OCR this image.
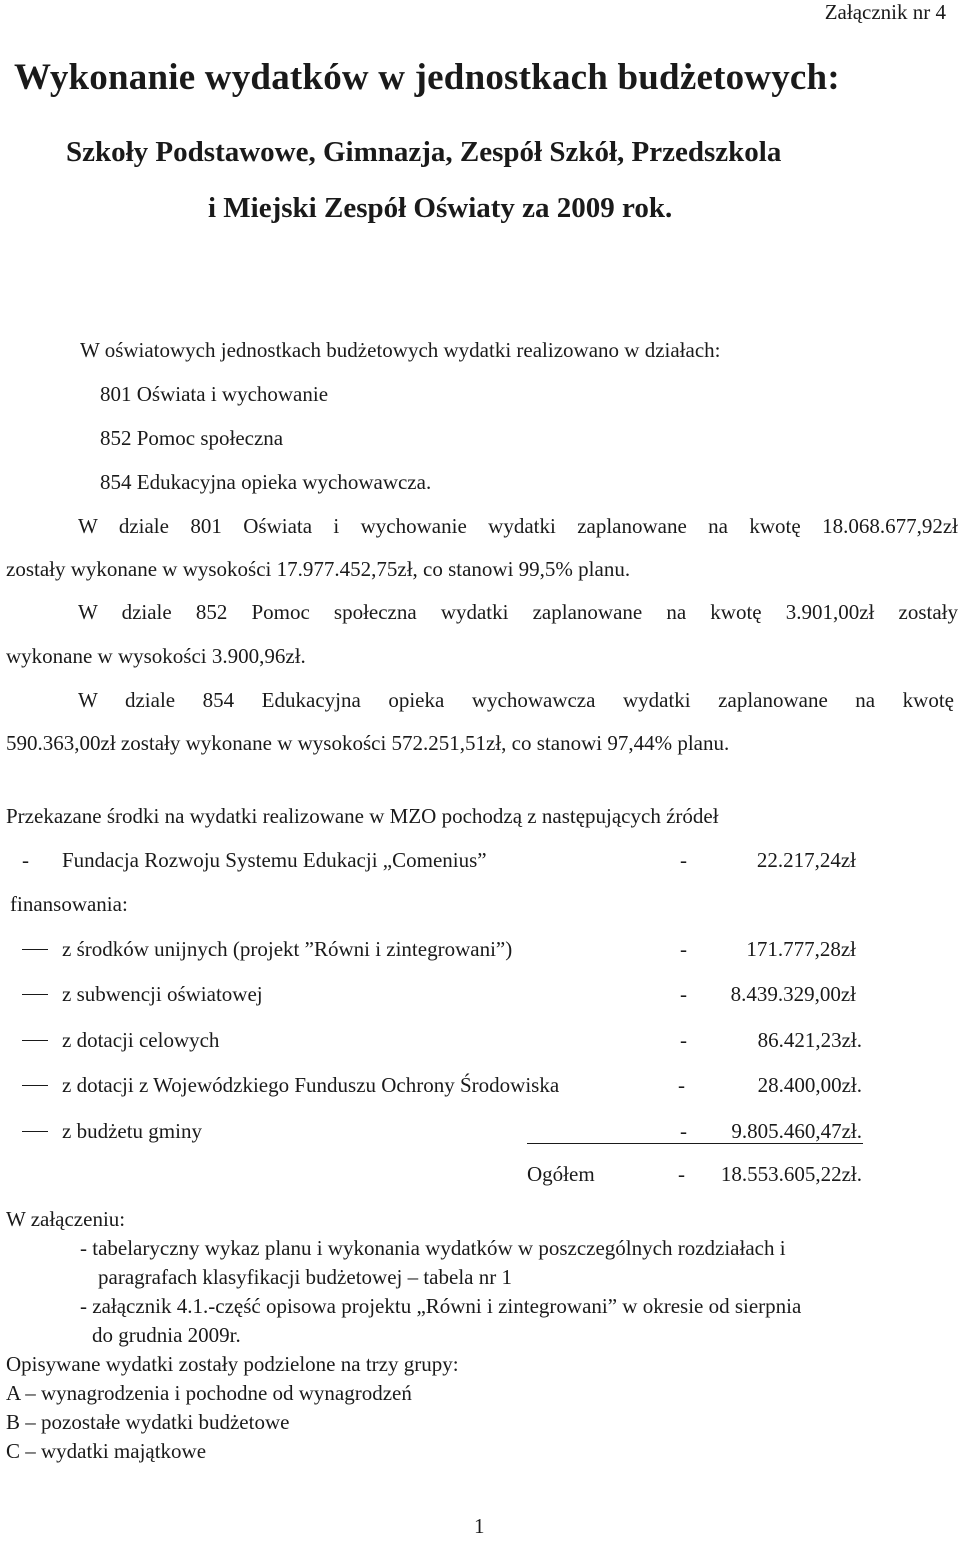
Załącznik nr 4
Wykonanie wydatków w jednostkach budżetowych:
Szkoły Podstawowe, Gimnazja, Zespół Szkół, Przedszkola
i Miejski Zespół Oświaty za 2009 rok.
W oświatowych jednostkach budżetowych wydatki realizowano w działach:
801 Oświata i wychowanie
852 Pomoc społeczna
854 Edukacyjna opieka wychowawcza.
W dziale 801 Oświata i wychowanie wydatki zaplanowane na kwotę 18.068.677,92zł
zostały wykonane w wysokości 17.977.452,75zł, co stanowi 99,5% planu.
W dziale 852 Pomoc społeczna wydatki zaplanowane na kwotę 3.901,00zł zostały
wykonane w wysokości 3.900,96zł.
W dziale 854 Edukacyjna opieka wychowawcza wydatki zaplanowane na kwotę
590.363,00zł zostały wykonane w wysokości 572.251,51zł, co stanowi 97,44% planu.
Przekazane środki na wydatki realizowane w MZO pochodzą z następujących źródeł
- Fundacja Rozwoju Systemu Edukacji „Comenius”	-	22.217,24zł
finansowania:
z środków unijnych (projekt ”Równi i zintegrowani”)	-	171.777,28zł
z subwencji oświatowej	-	8.439.329,00zł
z dotacji celowych	-	86.421,23zł.
z dotacji z Wojewódzkiego Funduszu Ochrony Środowiska	-	28.400,00zł.
z budżetu gminy	-	9.805.460,47zł.
Ogółem	-	18.553.605,22zł.
W załączeniu:
- tabelaryczny wykaz planu i wykonania wydatków w poszczególnych rozdziałach i
paragrafach klasyfikacji budżetowej – tabela nr 1
- załącznik 4.1.-część opisowa projektu „Równi i zintegrowani” w okresie od sierpnia
do grudnia 2009r.
Opisywane wydatki zostały podzielone na trzy grupy:
A – wynagrodzenia i pochodne od wynagrodzeń
B – pozostałe wydatki budżetowe
C – wydatki majątkowe
1
